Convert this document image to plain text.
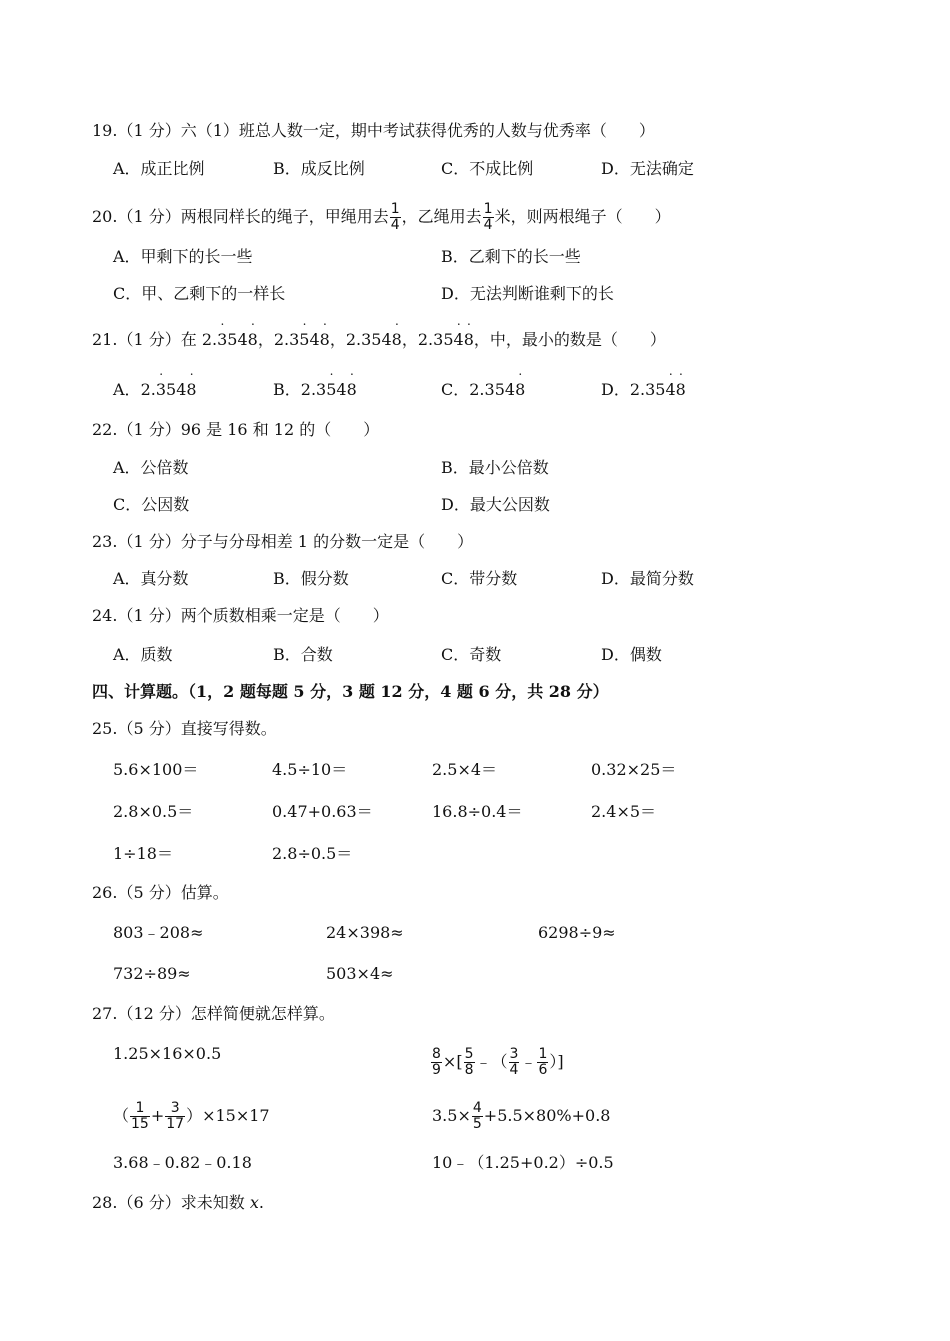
19.（1 分）六（1）班总人数一定，期中考试获得优秀的人数与优秀率（　　）
A．成正比例	B．成反比例	C．不成比例	D．无法确定
20.（1 分）两根同样长的绳子，甲绳用去 $\frac{1}{4}$ ，乙绳用去 $\frac{1}{4}$ 米，则两根绳子（　　）
A．甲剩下的长一些	B．乙剩下的长一些
C．甲、乙剩下的一样长	D．无法判断谁剩下的长
21.（1 分）在 2.. 354. 8，2.3. 54. 8，2.354. 8，2.35. 4. 8，中，最小的数是（　　）
A．2.. 354. 8	B．2.3. 54. 8	C．2.354. 8	D．2.35. 4. 8
22.（1 分）96 是 16 和 12 的（　　）
A．公倍数	B．最小公倍数
C．公因数	D．最大公因数
23.（1 分）分子与分母相差 1 的分数一定是（　　）
A．真分数	B．假分数	C．带分数	D．最简分数
24.（1 分）两个质数相乘一定是（　　）
A．质数	B．合数	C．奇数	D．偶数
四、计算题。（1，2 题每题 5 分，3 题 12 分，4 题 6 分，共 28 分）
25.（5 分）直接写得数。
5.6×100＝	4.5÷10＝	2.5×4＝	0.32×25＝
2.8×0.5＝	0.47+0.63＝	16.8÷0.4＝	2.4×5＝
1÷18＝	2.8÷0.5＝
26.（5 分）估算。
803﹣208≈	24×398≈	6298÷9≈
732÷89≈	503×4≈
27.（12 分）怎样简便就怎样算。
1.25×16×0.5	$\frac{8}{9}$ ×[ $\frac{5}{8}$ ﹣（ $\frac{3}{4}$ ﹣ $\frac{1}{6}$ ）]
（ $\frac{1}{15} + \frac{3}{17} )\times 15\times 17$	$3.5\times \frac{4}{5} +5.5\times 80\%+0.8$
3.68﹣0.82﹣0.18	10﹣（1.25+0.2）÷0.5
28.（6 分）求未知数 x.
